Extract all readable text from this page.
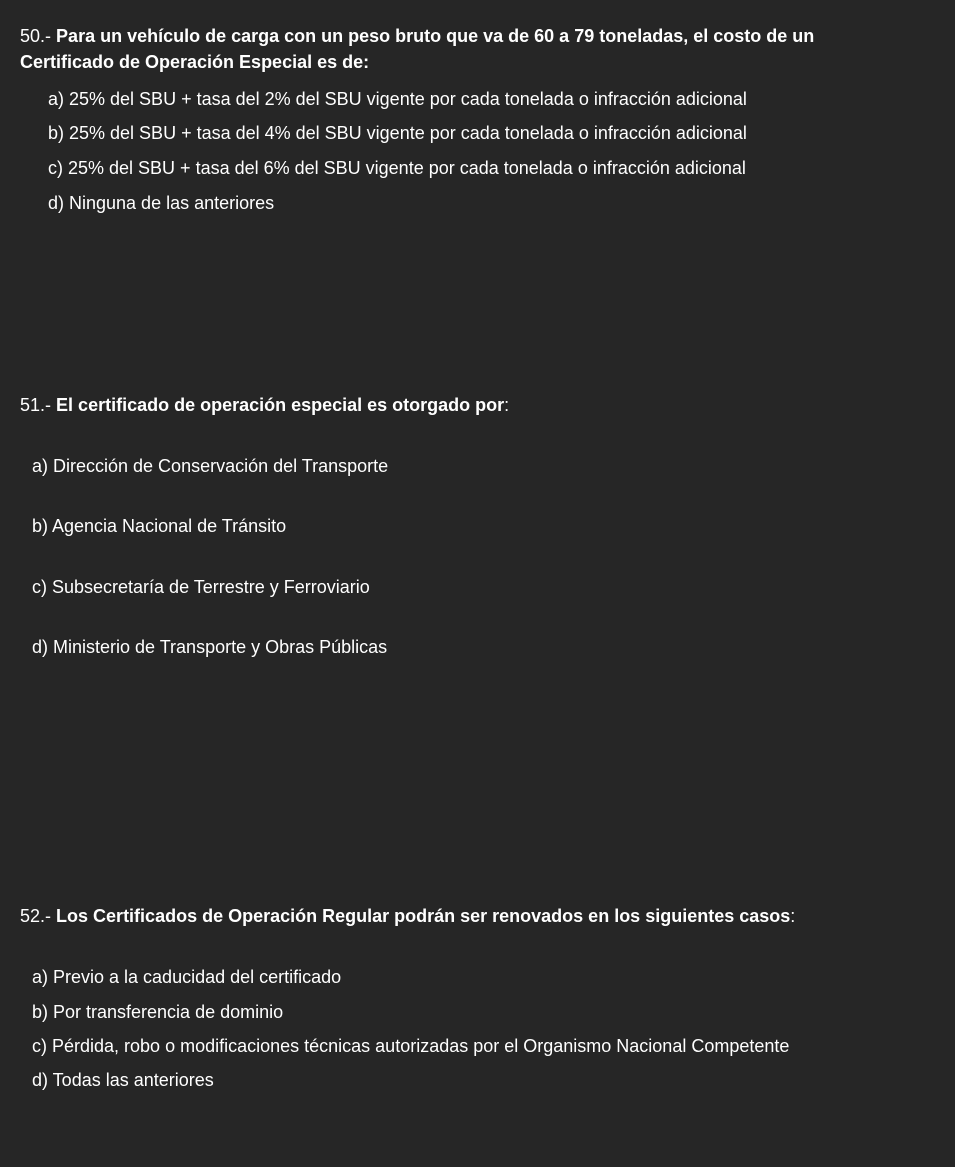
50.- Para un vehículo de carga con un peso bruto que va de 60 a 79 toneladas, el costo de un Certificado de Operación Especial es de:
a) 25% del SBU + tasa del 2% del SBU vigente por cada tonelada o infracción adicional
b) 25% del SBU + tasa del 4% del SBU vigente por cada tonelada o infracción adicional
c) 25% del SBU + tasa del 6% del SBU vigente por cada tonelada o infracción adicional
d) Ninguna de las anteriores
51.- El certificado de operación especial es otorgado por:
a) Dirección de Conservación del Transporte
b) Agencia Nacional de Tránsito
c) Subsecretaría de Terrestre y Ferroviario
d) Ministerio de Transporte y Obras Públicas
52.- Los Certificados de Operación Regular podrán ser renovados en los siguientes casos:
a) Previo a la caducidad del certificado
b) Por transferencia de dominio
c) Pérdida, robo o modificaciones técnicas autorizadas por el Organismo Nacional Competente
d) Todas las anteriores
